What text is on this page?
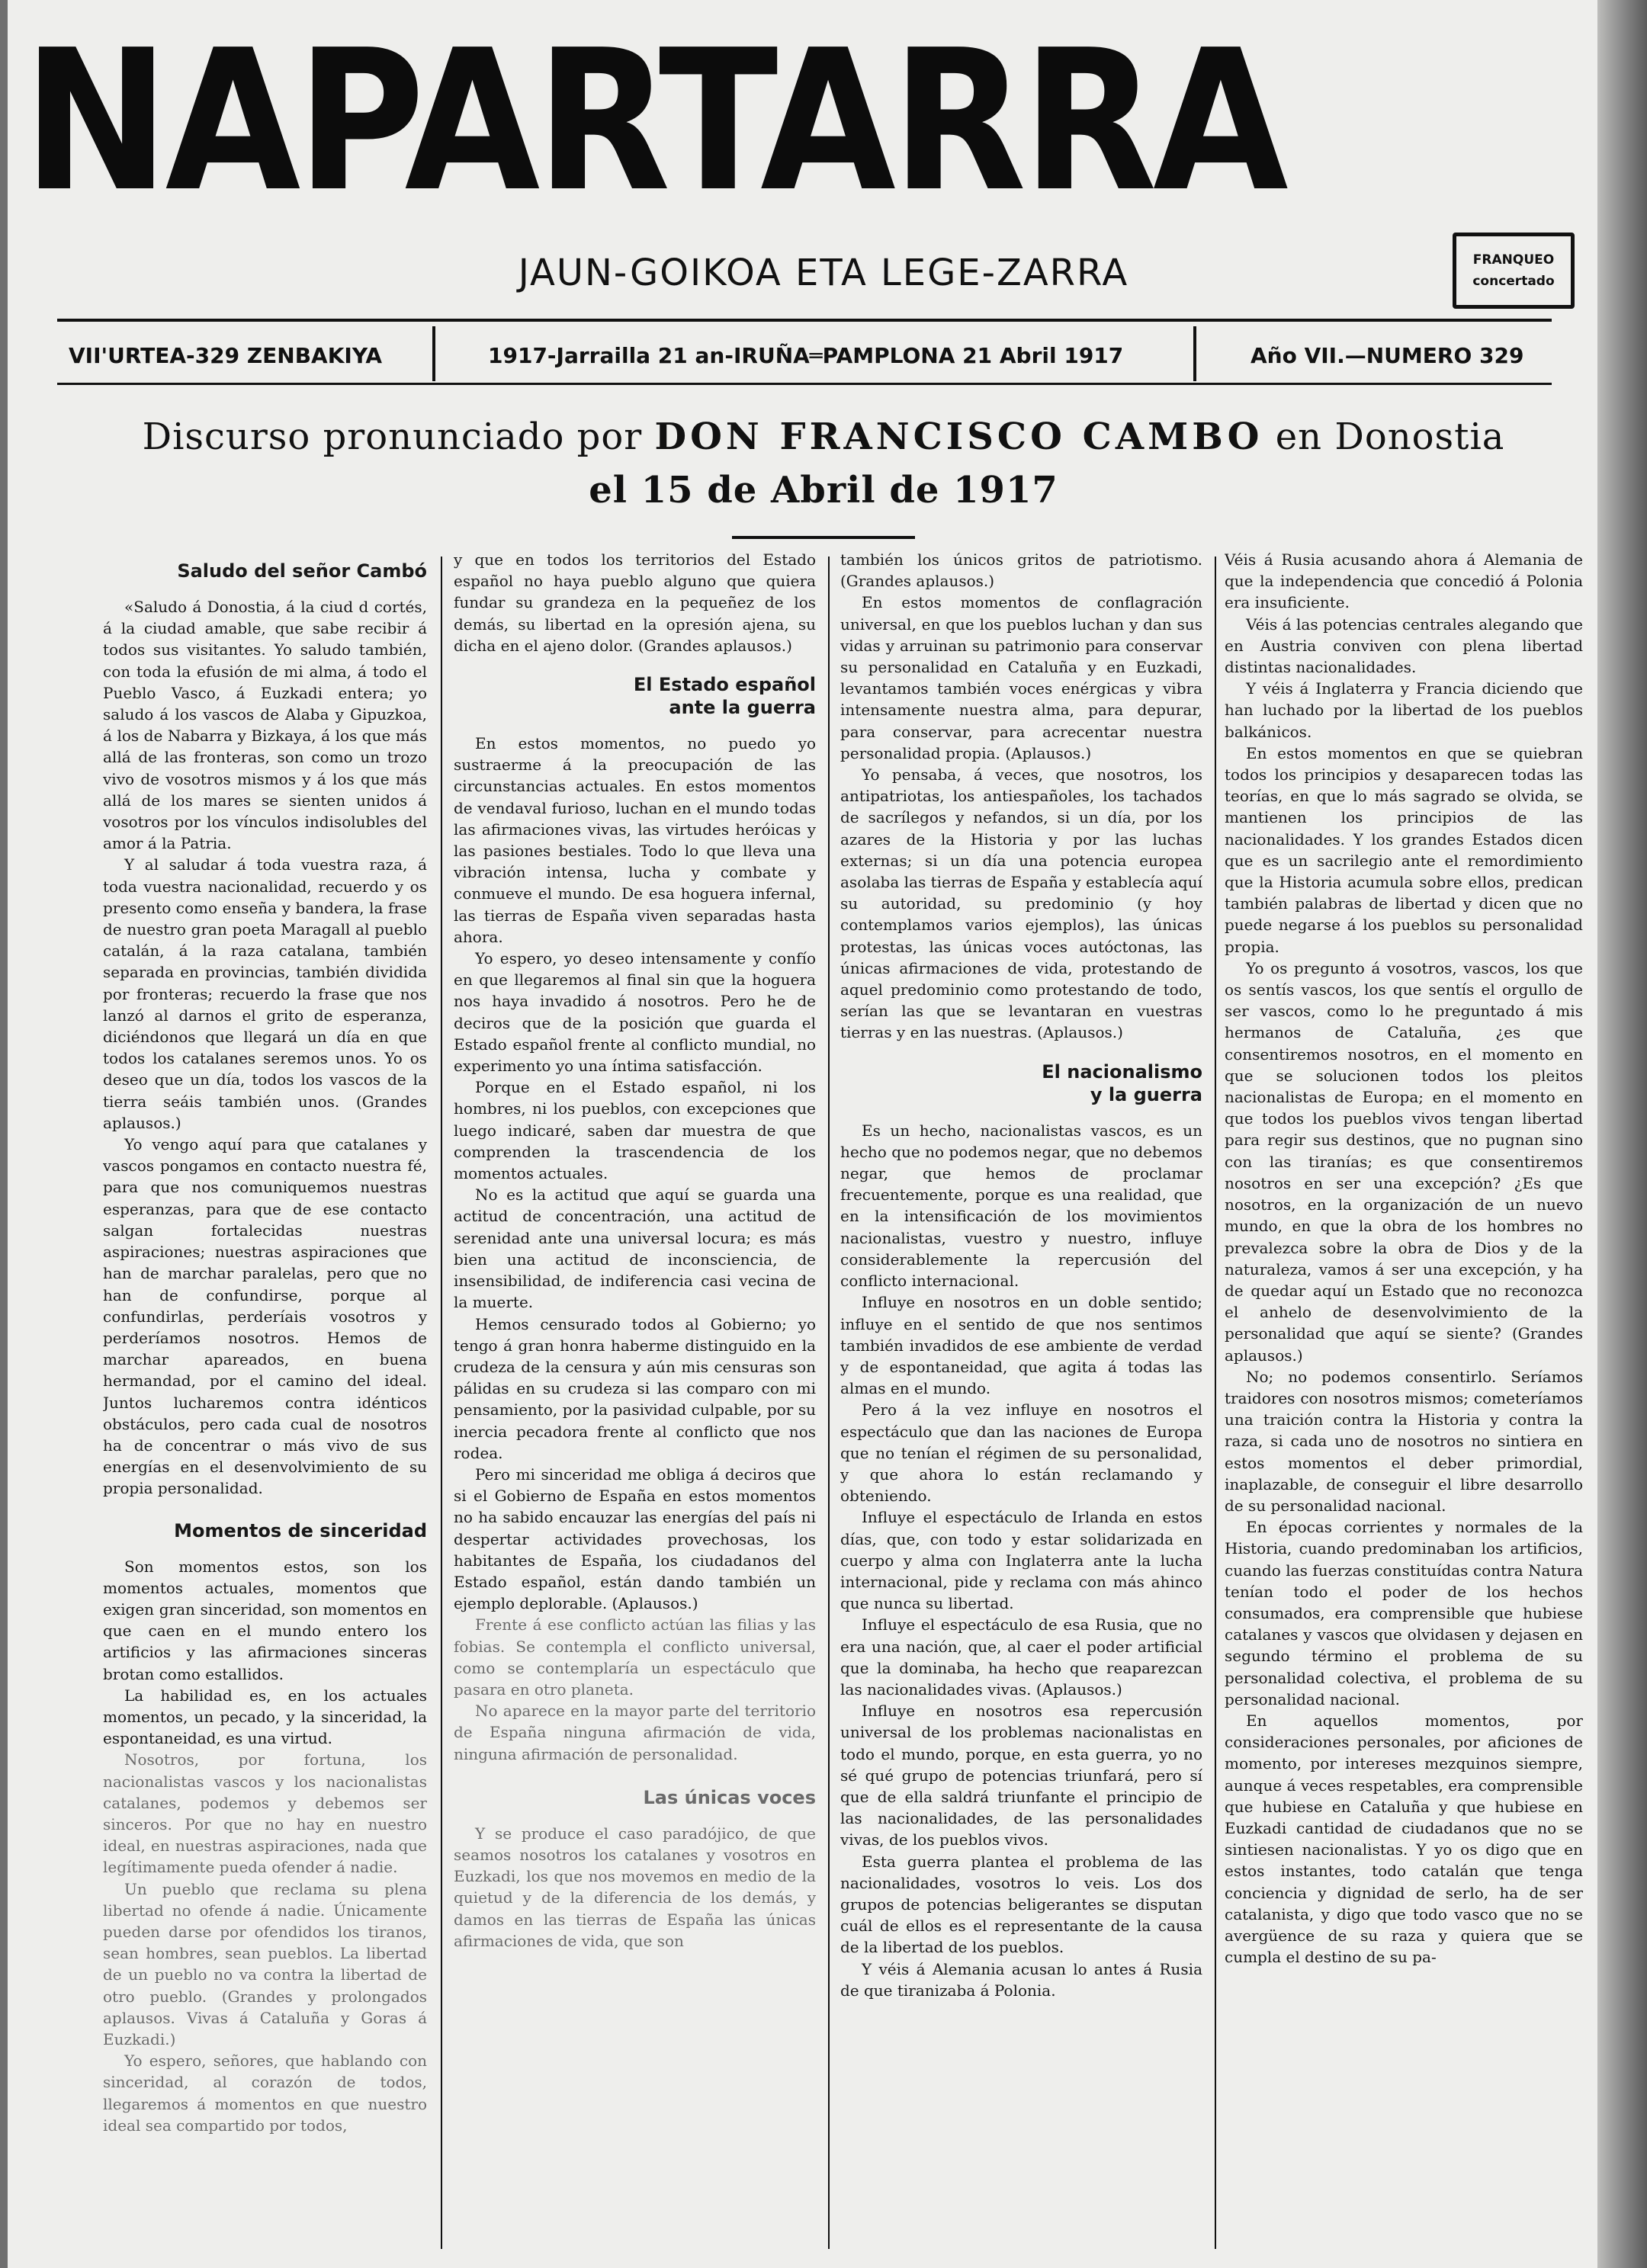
NAPARTARRA
JAUN-GOIKOA ETA LEGE-ZARRA	FRANQUEO
concertado
VII'URTEA-329 ZENBAKIYA	1917-Jarrailla 21 an-IRUÑA═PAMPLONA 21 Abril 1917	Año VII.—NUMERO 329
Discurso pronunciado por DON FRANCISCO CAMBO en Donostia
el 15 de Abril de 1917
Saludo del señor Cambó

«Saludo á Donostia, á la ciud d cortés, á la ciudad amable, que sabe recibir á todos sus visitantes. Yo saludo también, con toda la efusión de mi alma, á todo el Pueblo Vasco, á Euzkadi entera; yo saludo á los vascos de Alaba y Gipuzkoa, á los de Nabarra y Bizkaya, á los que más allá de las fronteras, son como un trozo vivo de vosotros mismos y á los que más allá de los mares se sienten unidos á vosotros por los vínculos indisolubles del amor á la Patria.

Y al saludar á toda vuestra raza, á toda vuestra nacionalidad, recuerdo y os presento como enseña y bandera, la frase de nuestro gran poeta Maragall al pueblo catalán, á la raza catalana, también separada en provincias, también dividida por fronteras; recuerdo la frase que nos lanzó al darnos el grito de esperanza, diciéndonos que llegará un día en que todos los catalanes seremos unos. Yo os deseo que un día, todos los vascos de la tierra seáis también unos. (Grandes aplausos.)

Yo vengo aquí para que catalanes y vascos pongamos en contacto nuestra fé, para que nos comuniquemos nuestras esperanzas, para que de ese contacto salgan fortalecidas nuestras aspiraciones; nuestras aspiraciones que han de marchar paralelas, pero que no han de confundirse, porque al confundirlas, perderíais vosotros y perderíamos nosotros. Hemos de marchar apareados, en buena hermandad, por el camino del ideal. Juntos lucharemos contra idénticos obstáculos, pero cada cual de nosotros ha de concentrar o más vivo de sus energías en el desenvolvimiento de su propia personalidad.

Momentos de sinceridad

Son momentos estos, son los momentos actuales, momentos que exigen gran sinceridad, son momentos en que caen en el mundo entero los artificios y las afirmaciones sinceras brotan como estallidos.

La habilidad es, en los actuales momentos, un pecado, y la sinceridad, la espontaneidad, es una virtud.

Nosotros, por fortuna, los nacionalistas vascos y los nacionalistas catalanes, podemos y debemos ser sinceros. Por que no hay en nuestro ideal, en nuestras aspiraciones, nada que legítimamente pueda ofender á nadie.

Un pueblo que reclama su plena libertad no ofende á nadie. Únicamente pueden darse por ofendidos los tiranos, sean hombres, sean pueblos. La libertad de un pueblo no va contra la libertad de otro pueblo. (Grandes y prolongados aplausos. Vivas á Cataluña y Goras á Euzkadi.)

Yo espero, señores, que hablando con sinceridad, al corazón de todos, llegaremos á momentos en que nuestro ideal sea compartido por todos,

y que en todos los territorios del Estado español no haya pueblo alguno que quiera fundar su grandeza en la pequeñez de los demás, su libertad en la opresión ajena, su dicha en el ajeno dolor. (Grandes aplausos.)

El Estado español
ante la guerra

En estos momentos, no puedo yo sustraerme á la preocupación de las circunstancias actuales. En estos momentos de vendaval furioso, luchan en el mundo todas las afirmaciones vivas, las virtudes heróicas y las pasiones bestiales. Todo lo que lleva una vibración intensa, lucha y combate y conmueve el mundo. De esa hoguera infernal, las tierras de España viven separadas hasta ahora.

Yo espero, yo deseo intensamente y confío en que llegaremos al final sin que la hoguera nos haya invadido á nosotros. Pero he de deciros que de la posición que guarda el Estado español frente al conflicto mundial, no experimento yo una íntima satisfacción.

Porque en el Estado español, ni los hombres, ni los pueblos, con excepciones que luego indicaré, saben dar muestra de que comprenden la trascendencia de los momentos actuales.

No es la actitud que aquí se guarda una actitud de concentración, una actitud de serenidad ante una universal locura; es más bien una actitud de inconsciencia, de insensibilidad, de indiferencia casi vecina de la muerte.

Hemos censurado todos al Gobierno; yo tengo á gran honra haberme distinguido en la crudeza de la censura y aún mis censuras son pálidas en su crudeza si las comparo con mi pensamiento, por la pasividad culpable, por su inercia pecadora frente al conflicto que nos rodea.

Pero mi sinceridad me obliga á deciros que si el Gobierno de España en estos momentos no ha sabido encauzar las energías del país ni despertar actividades provechosas, los habitantes de España, los ciudadanos del Estado español, están dando también un ejemplo deplorable. (Aplausos.)

Frente á ese conflicto actúan las filias y las fobias. Se contempla el conflicto universal, como se contemplaría un espectáculo que pasara en otro planeta.

No aparece en la mayor parte del territorio de España ninguna afirmación de vida, ninguna afirmación de personalidad.

Las únicas voces

Y se produce el caso paradójico, de que seamos nosotros los catalanes y vosotros en Euzkadi, los que nos movemos en medio de la quietud y de la diferencia de los demás, y damos en las tierras de España las únicas afirmaciones de vida, que son

también los únicos gritos de patriotismo. (Grandes aplausos.)

En estos momentos de conflagración universal, en que los pueblos luchan y dan sus vidas y arruinan su patrimonio para conservar su personalidad en Cataluña y en Euzkadi, levantamos también voces enérgicas y vibra intensamente nuestra alma, para depurar, para conservar, para acrecentar nuestra personalidad propia. (Aplausos.)

Yo pensaba, á veces, que nosotros, los antipatriotas, los antiespañoles, los tachados de sacrílegos y nefandos, si un día, por los azares de la Historia y por las luchas externas; si un día una potencia europea asolaba las tierras de España y establecía aquí su autoridad, su predominio (y hoy contemplamos varios ejemplos), las únicas protestas, las únicas voces autóctonas, las únicas afirmaciones de vida, protestando de aquel predominio como protestando de todo, serían las que se levantaran en vuestras tierras y en las nuestras. (Aplausos.)

El nacionalismo
y la guerra

Es un hecho, nacionalistas vascos, es un hecho que no podemos negar, que no debemos negar, que hemos de proclamar frecuentemente, porque es una realidad, que en la intensificación de los movimientos nacionalistas, vuestro y nuestro, influye considerablemente la repercusión del conflicto internacional.

Influye en nosotros en un doble sentido; influye en el sentido de que nos sentimos también invadidos de ese ambiente de verdad y de espontaneidad, que agita á todas las almas en el mundo.

Pero á la vez influye en nosotros el espectáculo que dan las naciones de Europa que no tenían el régimen de su personalidad, y que ahora lo están reclamando y obteniendo.

Influye el espectáculo de Irlanda en estos días, que, con todo y estar solidarizada en cuerpo y alma con Inglaterra ante la lucha internacional, pide y reclama con más ahinco que nunca su libertad.

Influye el espectáculo de esa Rusia, que no era una nación, que, al caer el poder artificial que la dominaba, ha hecho que reaparezcan las nacionalidades vivas. (Aplausos.)

Influye en nosotros esa repercusión universal de los problemas nacionalistas en todo el mundo, porque, en esta guerra, yo no sé qué grupo de potencias triunfará, pero sí que de ella saldrá triunfante el principio de las nacionalidades, de las personalidades vivas, de los pueblos vivos.

Esta guerra plantea el problema de las nacionalidades, vosotros lo veis. Los dos grupos de potencias beligerantes se disputan cuál de ellos es el representante de la causa de la libertad de los pueblos.

Y véis á Alemania acusan lo antes á Rusia de que tiranizaba á Polonia.

Véis á Rusia acusando ahora á Alemania de que la independencia que concedió á Polonia era insuficiente.

Véis á las potencias centrales alegando que en Austria conviven con plena libertad distintas nacionalidades.

Y véis á Inglaterra y Francia diciendo que han luchado por la libertad de los pueblos balkánicos.

En estos momentos en que se quiebran todos los principios y desaparecen todas las teorías, en que lo más sagrado se olvida, se mantienen los principios de las nacionalidades. Y los grandes Estados dicen que es un sacrilegio ante el remordimiento que la Historia acumula sobre ellos, predican también palabras de libertad y dicen que no puede negarse á los pueblos su personalidad propia.

Yo os pregunto á vosotros, vascos, los que os sentís vascos, los que sentís el orgullo de ser vascos, como lo he preguntado á mis hermanos de Cataluña, ¿es que consentiremos nosotros, en el momento en que se solucionen todos los pleitos nacionalistas de Europa; en el momento en que todos los pueblos vivos tengan libertad para regir sus destinos, que no pugnan sino con las tiranías; es que consentiremos nosotros en ser una excepción? ¿Es que nosotros, en la organización de un nuevo mundo, en que la obra de los hombres no prevalezca sobre la obra de Dios y de la naturaleza, vamos á ser una excepción, y ha de quedar aquí un Estado que no reconozca el anhelo de desenvolvimiento de la personalidad que aquí se siente? (Grandes aplausos.)

No; no podemos consentirlo. Seríamos traidores con nosotros mismos; cometeríamos una traición contra la Historia y contra la raza, si cada uno de nosotros no sintiera en estos momentos el deber primordial, inaplazable, de conseguir el libre desarrollo de su personalidad nacional.

En épocas corrientes y normales de la Historia, cuando predominaban los artificios, cuando las fuerzas constituídas contra Natura tenían todo el poder de los hechos consumados, era comprensible que hubiese catalanes y vascos que olvidasen y dejasen en segundo término el problema de su personalidad colectiva, el problema de su personalidad nacional.

En aquellos momentos, por consideraciones personales, por aficiones de momento, por intereses mezquinos siempre, aunque á veces respetables, era comprensible que hubiese en Cataluña y que hubiese en Euzkadi cantidad de ciudadanos que no se sintiesen nacionalistas. Y yo os digo que en estos instantes, todo catalán que tenga conciencia y dignidad de serlo, ha de ser catalanista, y digo que todo vasco que no se avergüence de su raza y quiera que se cumpla el destino de su pa-
